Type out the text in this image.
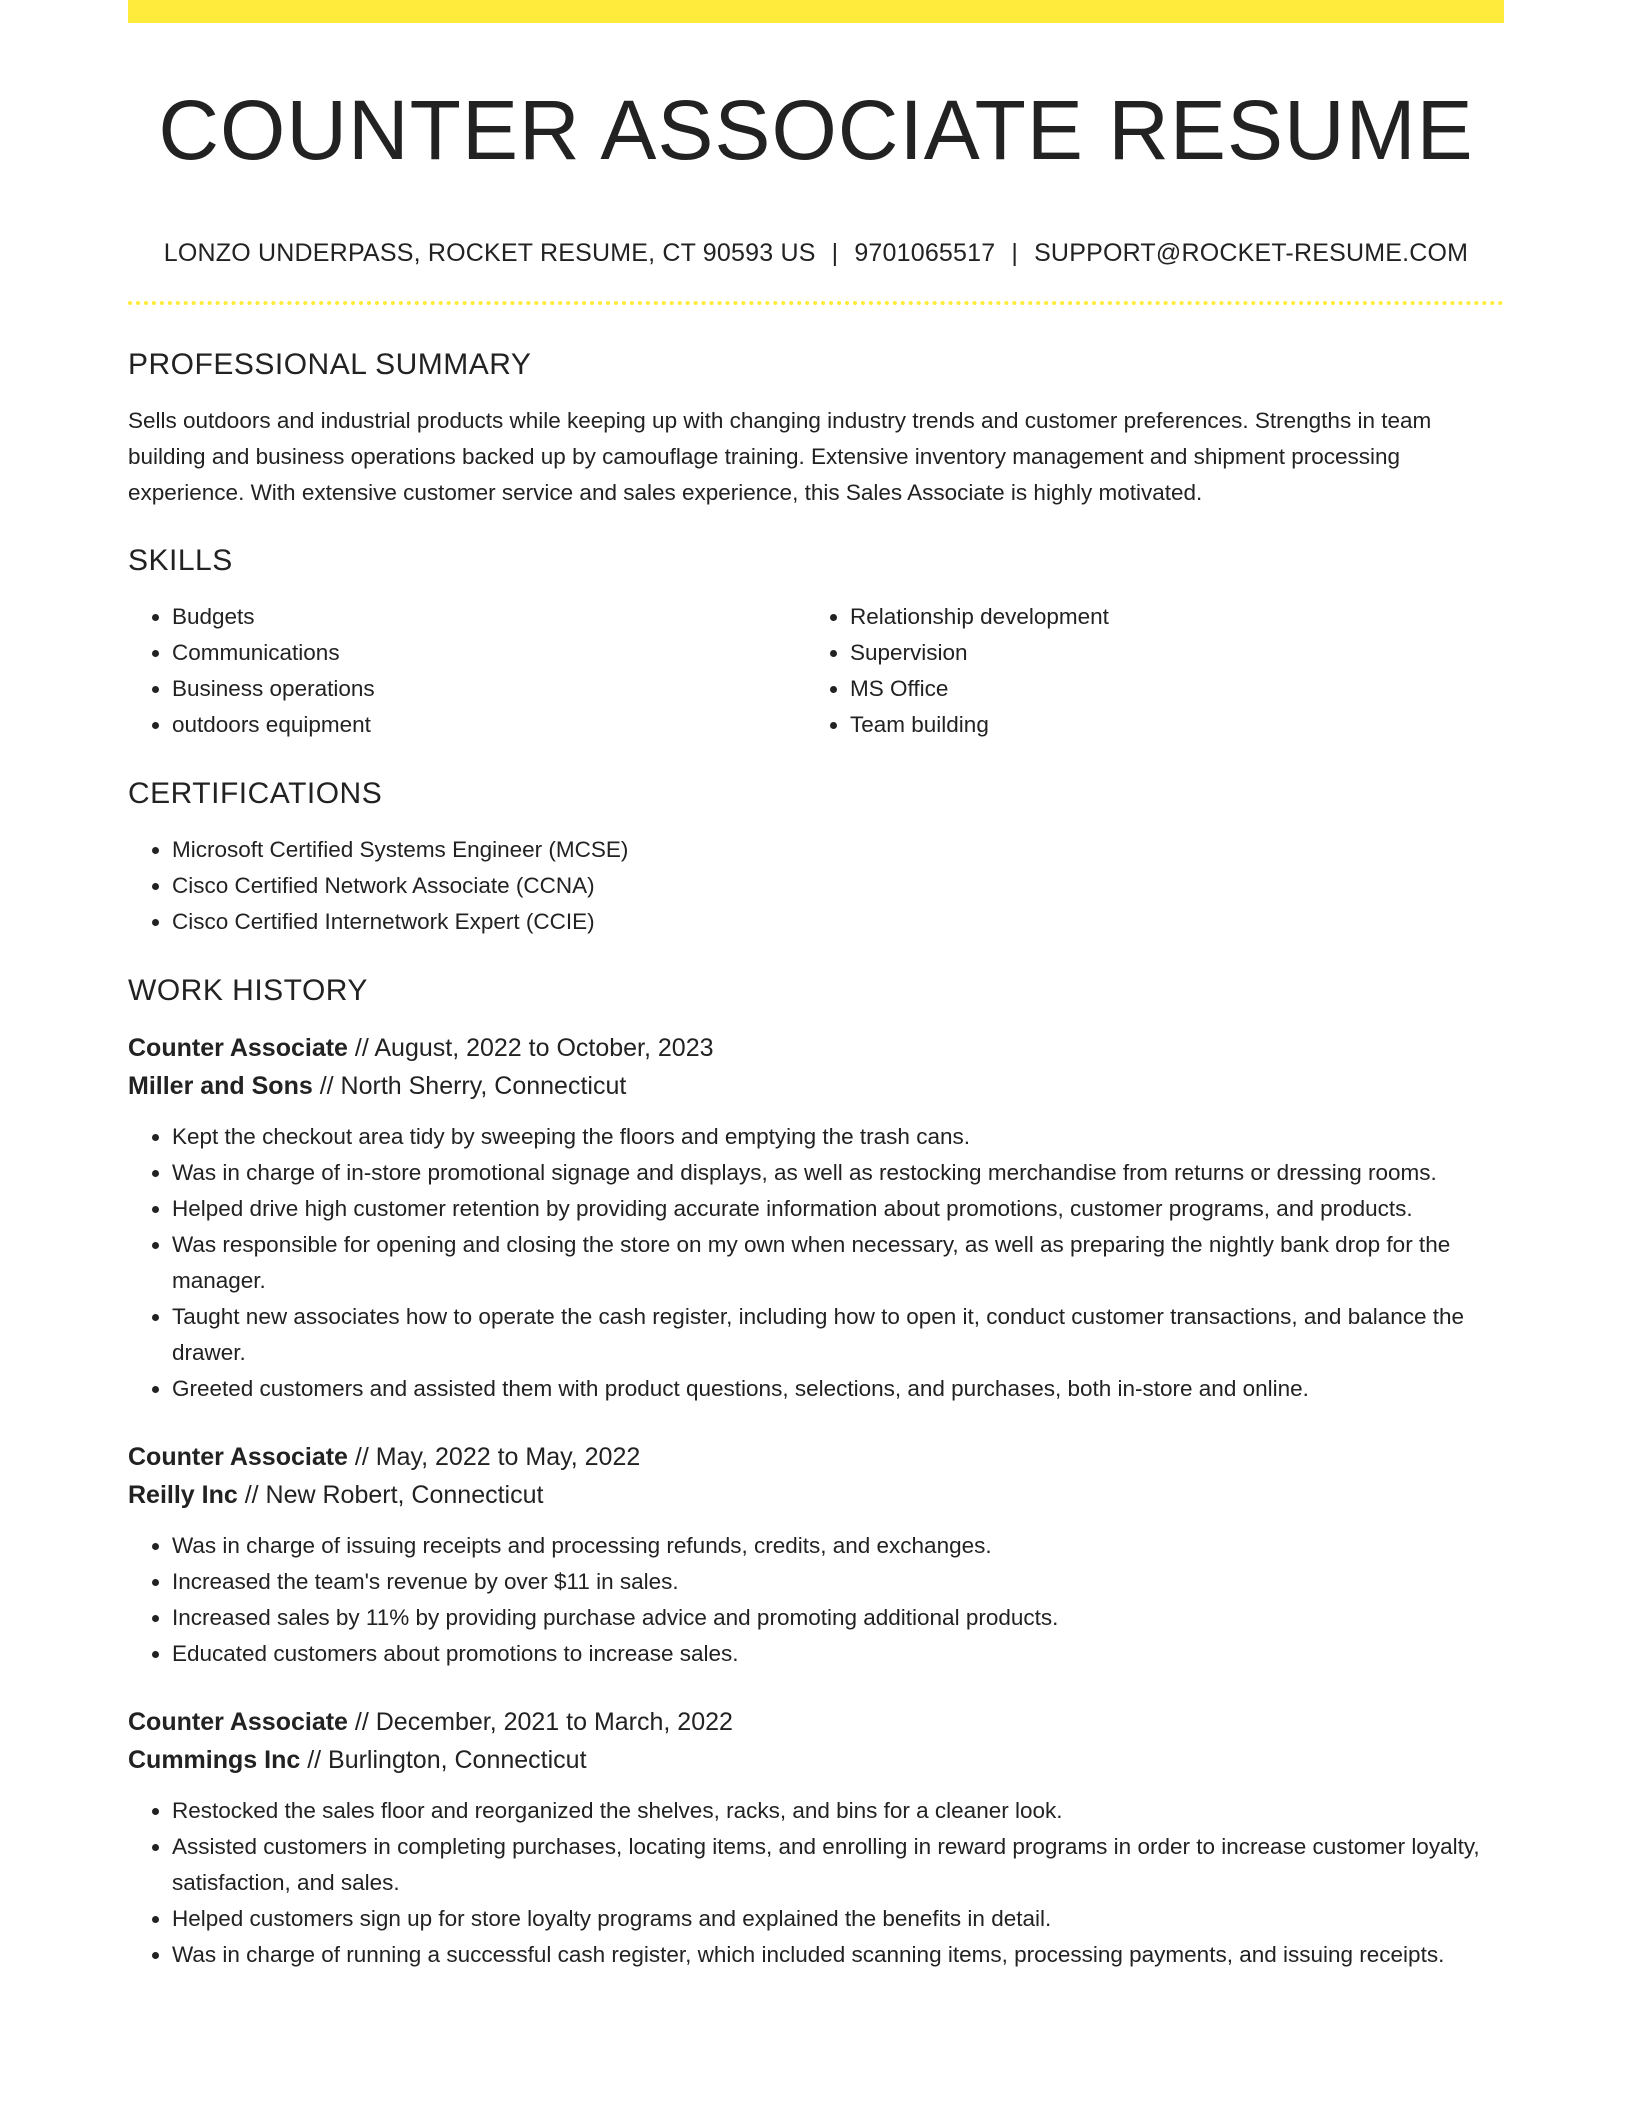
COUNTER ASSOCIATE RESUME
LONZO UNDERPASS, ROCKET RESUME, CT 90593 US | 9701065517 | SUPPORT@ROCKET-RESUME.COM
PROFESSIONAL SUMMARY

Sells outdoors and industrial products while keeping up with changing industry trends and customer preferences. Strengths in team building and business operations backed up by camouflage training. Extensive inventory management and shipment processing experience. With extensive customer service and sales experience, this Sales Associate is highly motivated.

SKILLS
• Budgets
• Communications
• Business operations
• outdoors equipment
• Relationship development
• Supervision
• MS Office
• Team building
CERTIFICATIONS
• Microsoft Certified Systems Engineer (MCSE)
• Cisco Certified Network Associate (CCNA)
• Cisco Certified Internetwork Expert (CCIE)
WORK HISTORY
Counter Associate // August, 2022 to October, 2023
Miller and Sons // North Sherry, Connecticut
• Kept the checkout area tidy by sweeping the floors and emptying the trash cans.
• Was in charge of in-store promotional signage and displays, as well as restocking merchandise from returns or dressing rooms.
• Helped drive high customer retention by providing accurate information about promotions, customer programs, and products.
• Was responsible for opening and closing the store on my own when necessary, as well as preparing the nightly bank drop for the manager.
• Taught new associates how to operate the cash register, including how to open it, conduct customer transactions, and balance the drawer.
• Greeted customers and assisted them with product questions, selections, and purchases, both in-store and online.
Counter Associate // May, 2022 to May, 2022
Reilly Inc // New Robert, Connecticut
• Was in charge of issuing receipts and processing refunds, credits, and exchanges.
• Increased the team's revenue by over $11 in sales.
• Increased sales by 11% by providing purchase advice and promoting additional products.
• Educated customers about promotions to increase sales.
Counter Associate // December, 2021 to March, 2022
Cummings Inc // Burlington, Connecticut
• Restocked the sales floor and reorganized the shelves, racks, and bins for a cleaner look.
• Assisted customers in completing purchases, locating items, and enrolling in reward programs in order to increase customer loyalty, satisfaction, and sales.
• Helped customers sign up for store loyalty programs and explained the benefits in detail.
• Was in charge of running a successful cash register, which included scanning items, processing payments, and issuing receipts.
